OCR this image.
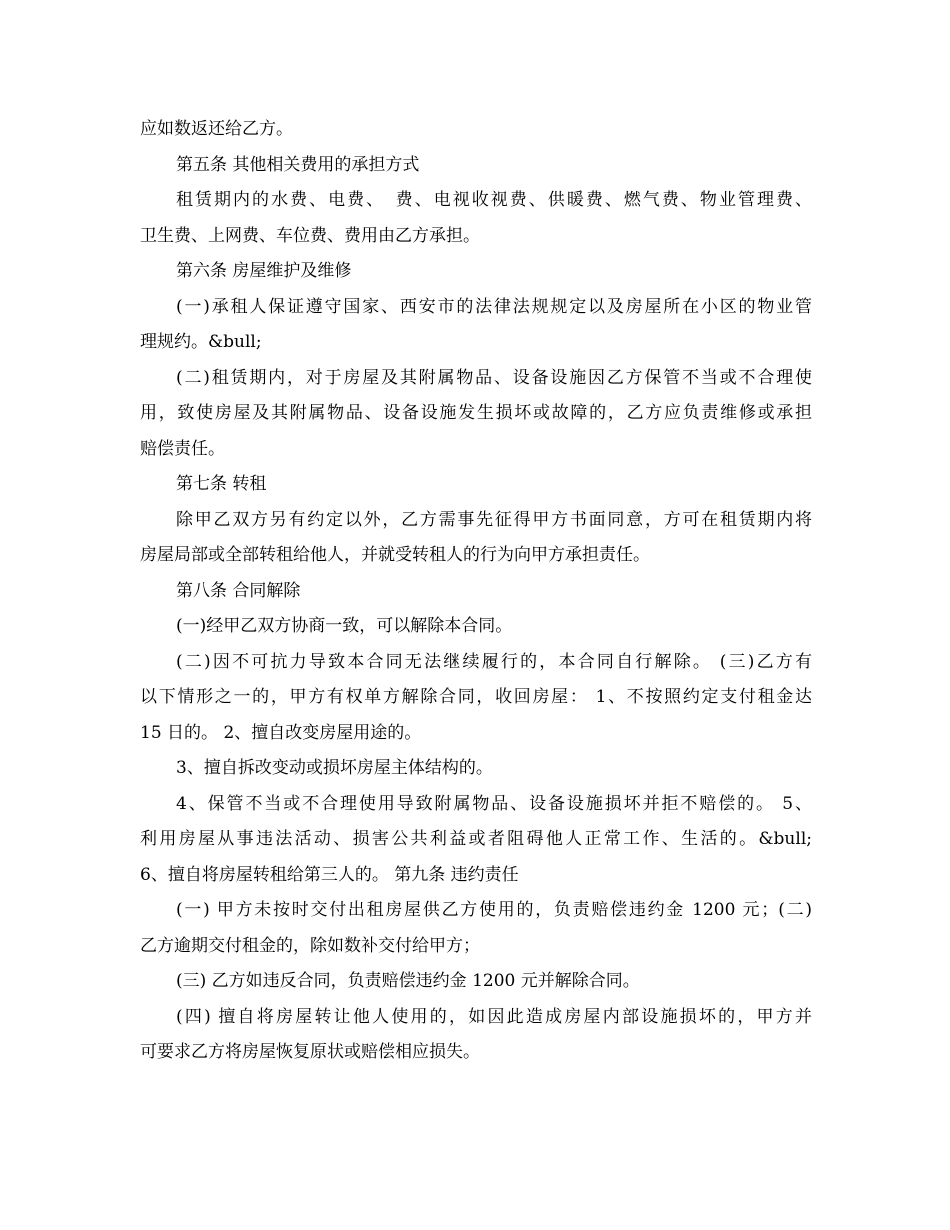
应如数返还给乙方。
第五条 其他相关费用的承担方式
租赁期内的水费、电费、　费、电视收视费、供暖费、燃气费、物业管理费、
卫生费、上网费、车位费、费用由乙方承担。
第六条 房屋维护及维修
(一)承租人保证遵守国家、西安市的法律法规规定以及房屋所在小区的物业管
理规约。&bull;
(二)租赁期内，对于房屋及其附属物品、设备设施因乙方保管不当或不合理使
用，致使房屋及其附属物品、设备设施发生损坏或故障的，乙方应负责维修或承担
赔偿责任。
第七条 转租
除甲乙双方另有约定以外，乙方需事先征得甲方书面同意，方可在租赁期内将
房屋局部或全部转租给他人，并就受转租人的行为向甲方承担责任。
第八条 合同解除
(一)经甲乙双方协商一致，可以解除本合同。
(二)因不可抗力导致本合同无法继续履行的，本合同自行解除。 (三)乙方有
以下情形之一的，甲方有权单方解除合同，收回房屋： 1、不按照约定支付租金达
15 日的。 2、擅自改变房屋用途的。
3、擅自拆改变动或损坏房屋主体结构的。
4、保管不当或不合理使用导致附属物品、设备设施损坏并拒不赔偿的。 5、
利用房屋从事违法活动、损害公共利益或者阻碍他人正常工作、生活的。&bull;
6、擅自将房屋转租给第三人的。 第九条 违约责任
(一) 甲方未按时交付出租房屋供乙方使用的，负责赔偿违约金 1200 元；(二)
乙方逾期交付租金的，除如数补交付给甲方；
(三) 乙方如违反合同，负责赔偿违约金 1200 元并解除合同。
(四) 擅自将房屋转让他人使用的，如因此造成房屋内部设施损坏的，甲方并
可要求乙方将房屋恢复原状或赔偿相应损失。
